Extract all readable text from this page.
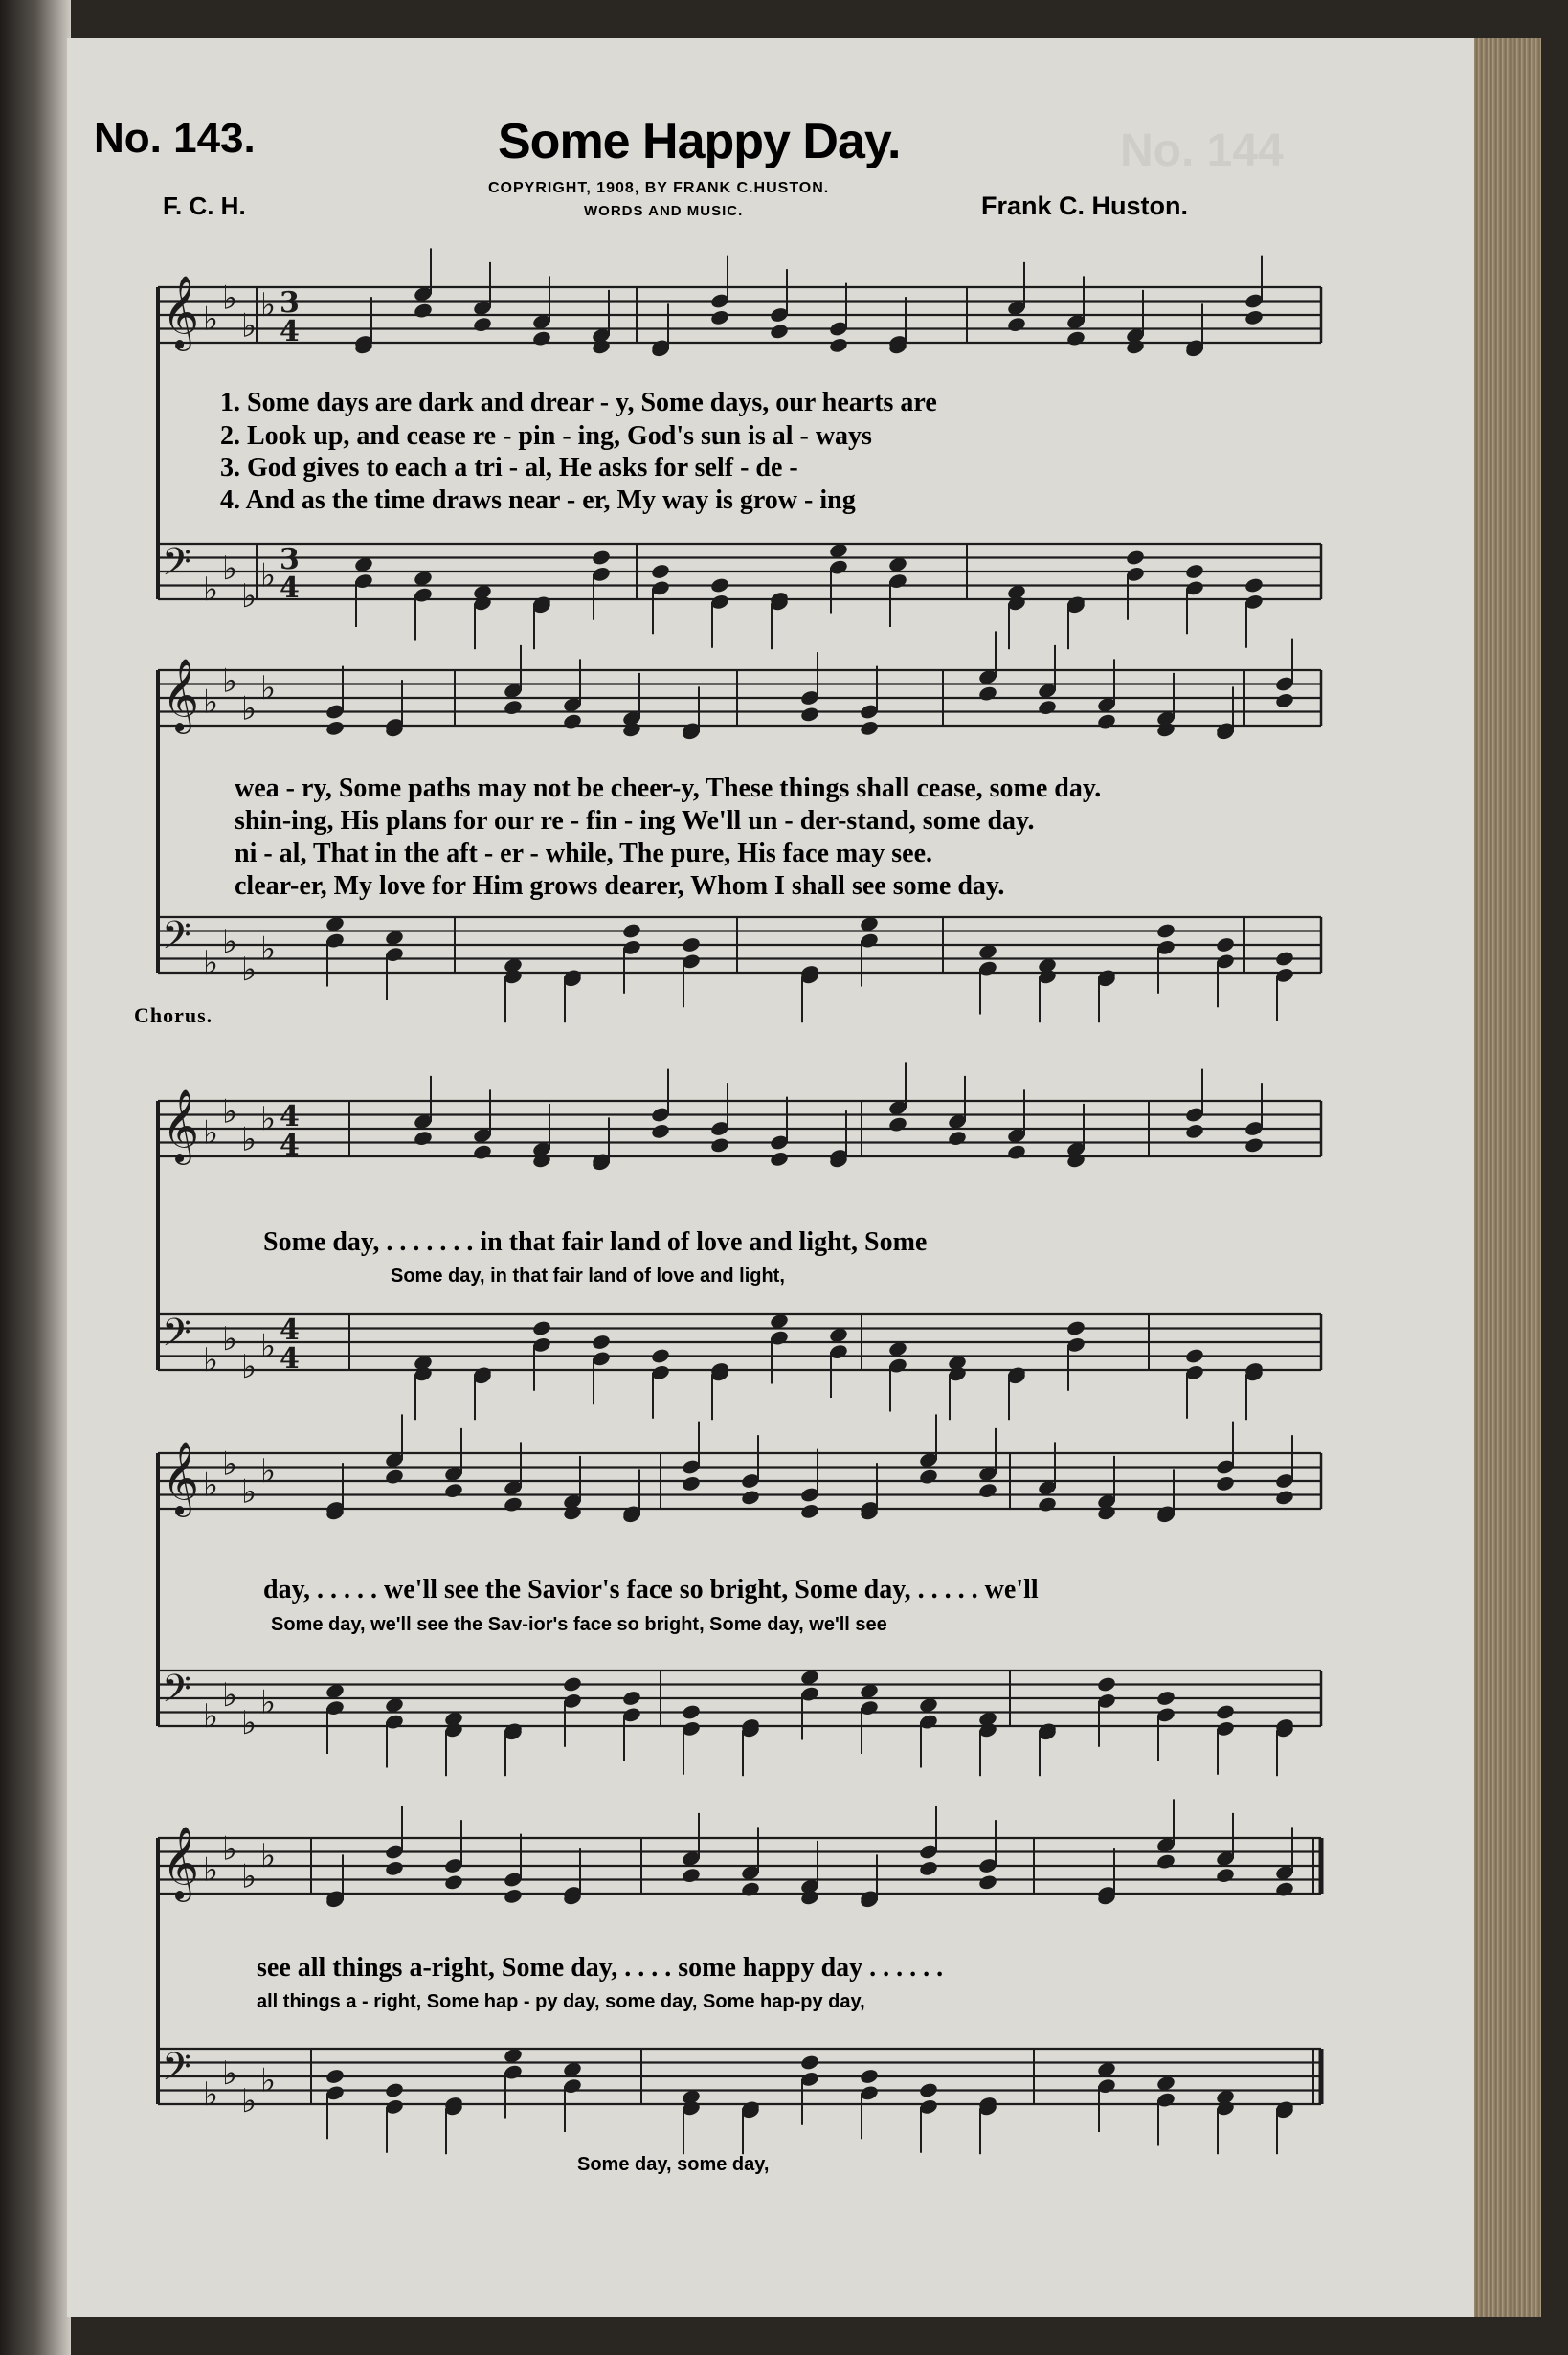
No. 144
𝄞 ♭
♭
♭
♭ 3
4
𝄢 ♭
♭
♭
♭ 3
4
𝄞 ♭
♭
♭
♭
𝄢 ♭
♭
♭
♭
𝄞 ♭
♭
♭
♭ 4
4
𝄢 ♭
♭
♭
♭ 4
4
𝄞 ♭
♭
♭
♭
𝄢 ♭
♭
♭
♭
𝄞 ♭
♭
♭
♭
𝄢 ♭
♭
♭
♭
No. 143.	Some Happy Day.
COPYRIGHT, 1908, BY FRANK C.HUSTON.
WORDS AND MUSIC.
F. C. H.	Frank C. Huston.
Chorus.
1. Some days are dark and drear - y, Some days, our hearts are
2. Look up, and cease re - pin - ing, God's sun is al - ways
3. God gives to each a tri - al, He asks for self - de -
4. And as the time draws near - er, My way is grow - ing
wea - ry, Some paths may not be cheer-y, These things shall cease, some day.
shin-ing, His plans for our re - fin - ing We'll un - der-stand, some day.
ni - al, That in the aft - er - while, The pure, His face may see.
clear-er, My love for Him grows dearer, Whom I shall see some day.
Some day, . . . . . . . in that fair land of love and light, Some
Some day, in that fair land of love and light,
day, . . . . . we'll see the Savior's face so bright, Some day, . . . . . we'll
Some day, we'll see the Sav-ior's face so bright, Some day, we'll see
see all things a-right, Some day, . . . . some happy day . . . . . .
all things a - right, Some hap - py day, some day, Some hap-py day,
Some day, some day,
